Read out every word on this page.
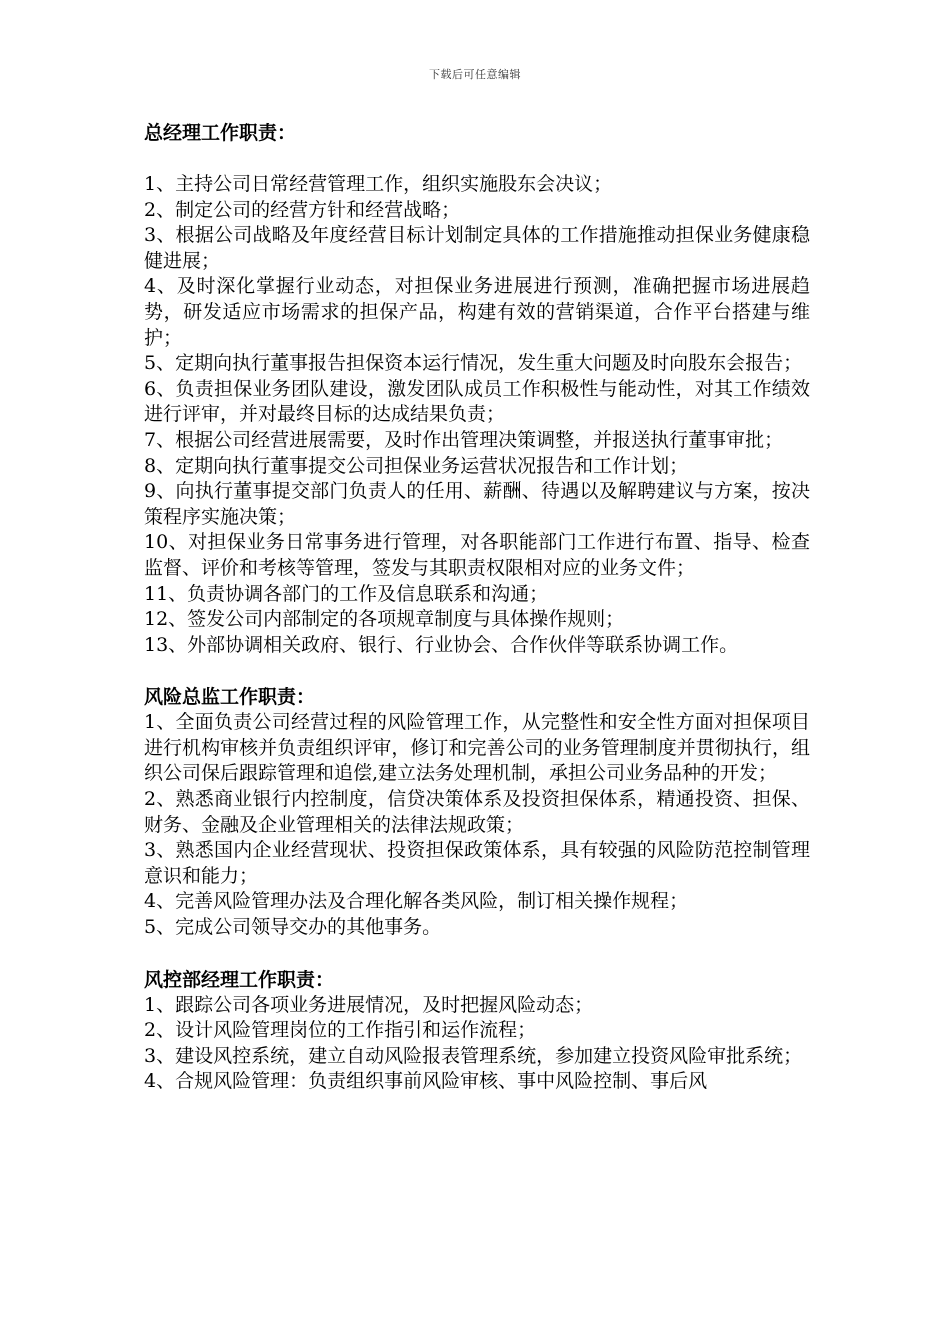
下载后可任意编辑

总经理工作职责：

1、主持公司日常经营管理工作，组织实施股东会决议；

2、制定公司的经营方针和经营战略；

3、根据公司战略及年度经营目标计划制定具体的工作措施推动担保业务健康稳健进展；

4、及时深化掌握行业动态，对担保业务进展进行预测，准确把握市场进展趋势，研发适应市场需求的担保产品，构建有效的营销渠道，合作平台搭建与维护；

5、定期向执行董事报告担保资本运行情况，发生重大问题及时向股东会报告；

6、负责担保业务团队建设，激发团队成员工作积极性与能动性，对其工作绩效进行评审，并对最终目标的达成结果负责；

7、根据公司经营进展需要，及时作出管理决策调整，并报送执行董事审批；

8、定期向执行董事提交公司担保业务运营状况报告和工作计划；

9、向执行董事提交部门负责人的任用、薪酬、待遇以及解聘建议与方案，按决策程序实施决策；

10、对担保业务日常事务进行管理，对各职能部门工作进行布置、指导、检查监督、评价和考核等管理，签发与其职责权限相对应的业务文件；

11、负责协调各部门的工作及信息联系和沟通；

12、签发公司内部制定的各项规章制度与具体操作规则；

13、外部协调相关政府、银行、行业协会、合作伙伴等联系协调工作。

风险总监工作职责：

1、全面负责公司经营过程的风险管理工作，从完整性和安全性方面对担保项目进行机构审核并负责组织评审，修订和完善公司的业务管理制度并贯彻执行，组织公司保后跟踪管理和追偿,建立法务处理机制，承担公司业务品种的开发；

2、熟悉商业银行内控制度，信贷决策体系及投资担保体系，精通投资、担保、财务、金融及企业管理相关的法律法规政策；

3、熟悉国内企业经营现状、投资担保政策体系，具有较强的风险防范控制管理意识和能力；

4、完善风险管理办法及合理化解各类风险，制订相关操作规程；

5、完成公司领导交办的其他事务。

风控部经理工作职责：

1、跟踪公司各项业务进展情况，及时把握风险动态；

2、设计风险管理岗位的工作指引和运作流程；

3、建设风控系统，建立自动风险报表管理系统，参加建立投资风险审批系统；

4、合规风险管理：负责组织事前风险审核、事中风险控制、事后风
